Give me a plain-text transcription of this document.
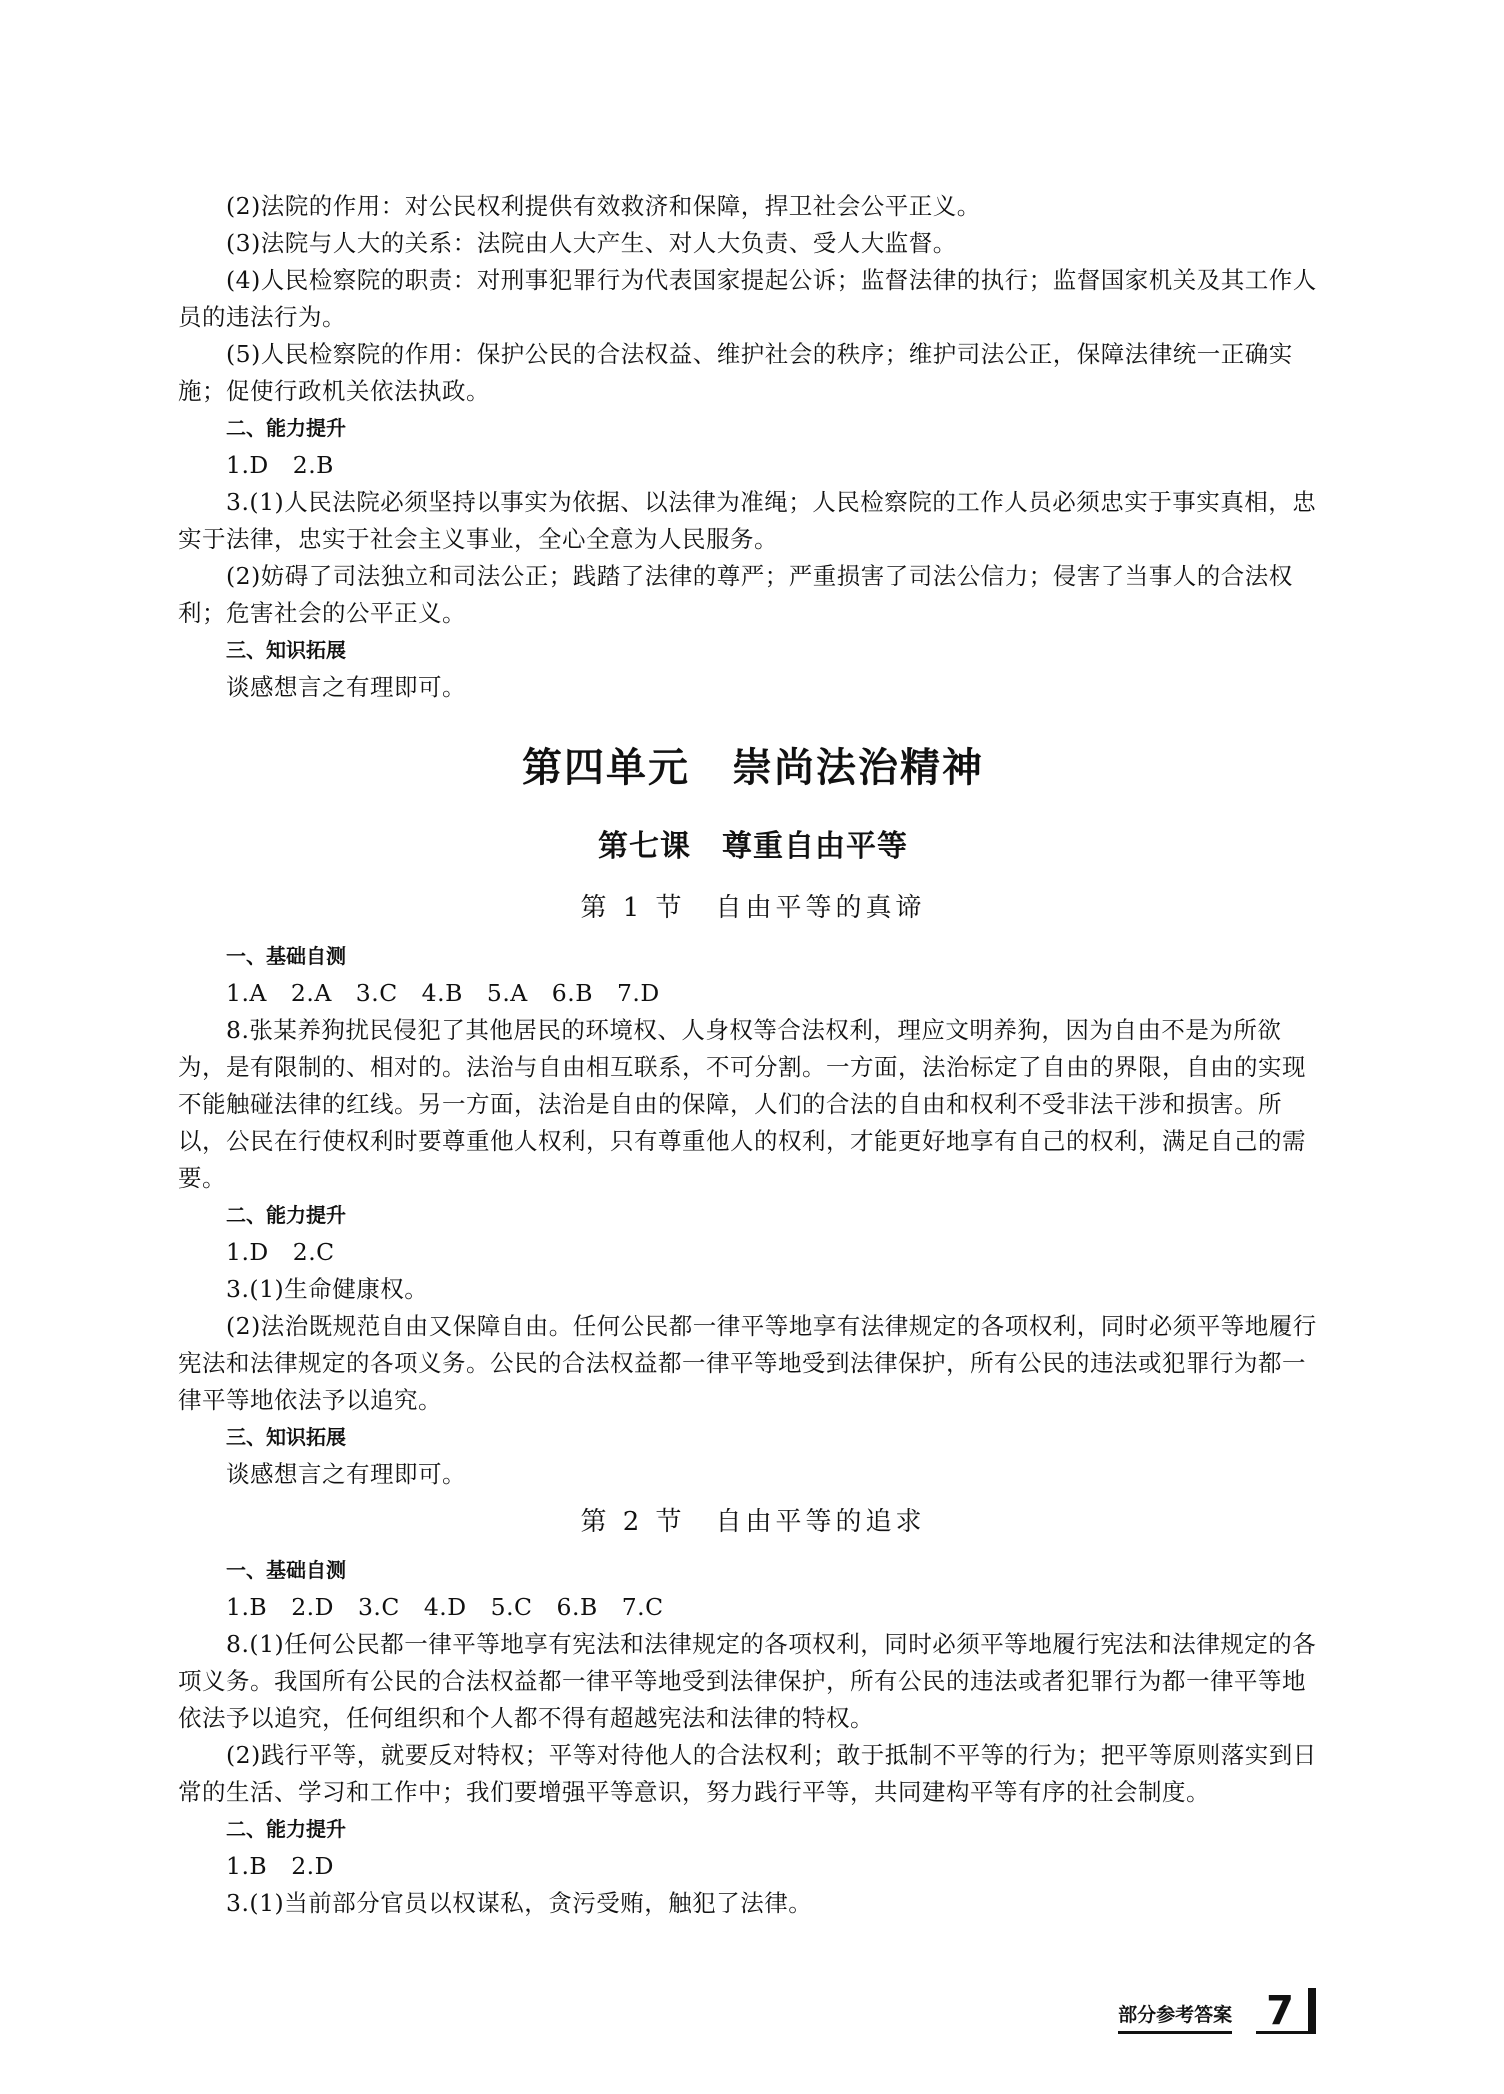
(2)法院的作用：对公民权利提供有效救济和保障，捍卫社会公平正义。

(3)法院与人大的关系：法院由人大产生、对人大负责、受人大监督。

(4)人民检察院的职责：对刑事犯罪行为代表国家提起公诉；监督法律的执行；监督国家机关及其工作人员的违法行为。

(5)人民检察院的作用：保护公民的合法权益、维护社会的秩序；维护司法公正，保障法律统一正确实施；促使行政机关依法执政。

二、能力提升

1.D　2.B

3.(1)人民法院必须坚持以事实为依据、以法律为准绳；人民检察院的工作人员必须忠实于事实真相，忠实于法律，忠实于社会主义事业，全心全意为人民服务。

(2)妨碍了司法独立和司法公正；践踏了法律的尊严；严重损害了司法公信力；侵害了当事人的合法权利；危害社会的公平正义。

三、知识拓展

谈感想言之有理即可。

第四单元　崇尚法治精神
第七课　尊重自由平等
第 1 节　自由平等的真谛

一、基础自测

1.A　2.A　3.C　4.B　5.A　6.B　7.D

8.张某养狗扰民侵犯了其他居民的环境权、人身权等合法权利，理应文明养狗，因为自由不是为所欲为，是有限制的、相对的。法治与自由相互联系，不可分割。一方面，法治标定了自由的界限，自由的实现不能触碰法律的红线。另一方面，法治是自由的保障，人们的合法的自由和权利不受非法干涉和损害。所以，公民在行使权利时要尊重他人权利，只有尊重他人的权利，才能更好地享有自己的权利，满足自己的需要。

二、能力提升

1.D　2.C

3.(1)生命健康权。

(2)法治既规范自由又保障自由。任何公民都一律平等地享有法律规定的各项权利，同时必须平等地履行宪法和法律规定的各项义务。公民的合法权益都一律平等地受到法律保护，所有公民的违法或犯罪行为都一律平等地依法予以追究。

三、知识拓展

谈感想言之有理即可。

第 2 节　自由平等的追求

一、基础自测

1.B　2.D　3.C　4.D　5.C　6.B　7.C

8.(1)任何公民都一律平等地享有宪法和法律规定的各项权利，同时必须平等地履行宪法和法律规定的各项义务。我国所有公民的合法权益都一律平等地受到法律保护，所有公民的违法或者犯罪行为都一律平等地依法予以追究，任何组织和个人都不得有超越宪法和法律的特权。

(2)践行平等，就要反对特权；平等对待他人的合法权利；敢于抵制不平等的行为；把平等原则落实到日常的生活、学习和工作中；我们要增强平等意识，努力践行平等，共同建构平等有序的社会制度。

二、能力提升

1.B　2.D

3.(1)当前部分官员以权谋私，贪污受贿，触犯了法律。

部分参考答案 7
